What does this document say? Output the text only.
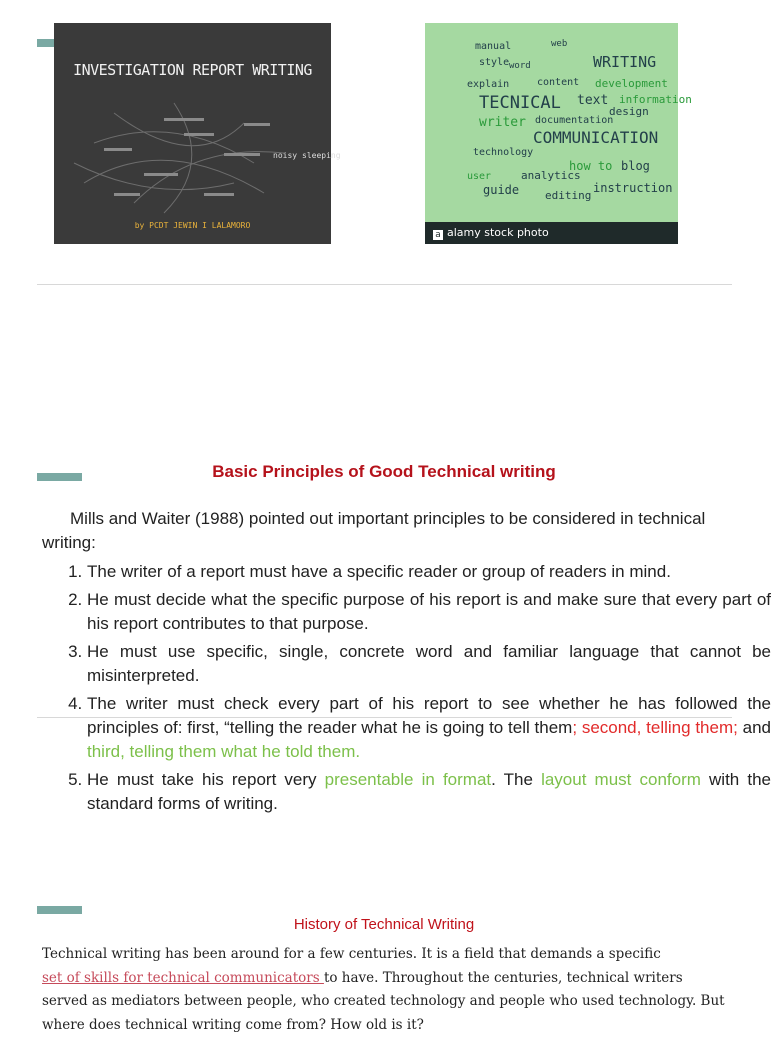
INVESTIGATION REPORT WRITING
noisy sleeping
by PCDT JEWIN I LALAMORO
manual	web
WRITING
style word
explain	content
TECNICAL text information
writer documentation
COMMUNICATION
technology
analytics
how to blog
user
guide editing
instruction
design
development
a alamy stock photo
Basic Principles of Good Technical writing
Mills and Waiter (1988) pointed out important principles to be considered in technical writing:
1. The writer of a report must have a specific reader or group of readers in mind.
2. He must decide what the specific purpose of his report is and make sure that every part of his report contributes to that purpose.
3. He must use specific, single, concrete word and familiar language that cannot be misinterpreted.
4. The writer must check every part of his report to see whether he has followed the principles of: first, “telling the reader what he is going to tell them; second, telling them; and third, telling them what he told them.
5. He must take his report very presentable in format. The layout must conform with the standard forms of writing.
History of Technical Writing
Technical writing has been around for a few centuries. It is a field that demands a specific
set of skills for technical communicators to have. Throughout the centuries, technical writers served as mediators between people, who created technology and people who used technology. But where does technical writing come from? How old is it?
